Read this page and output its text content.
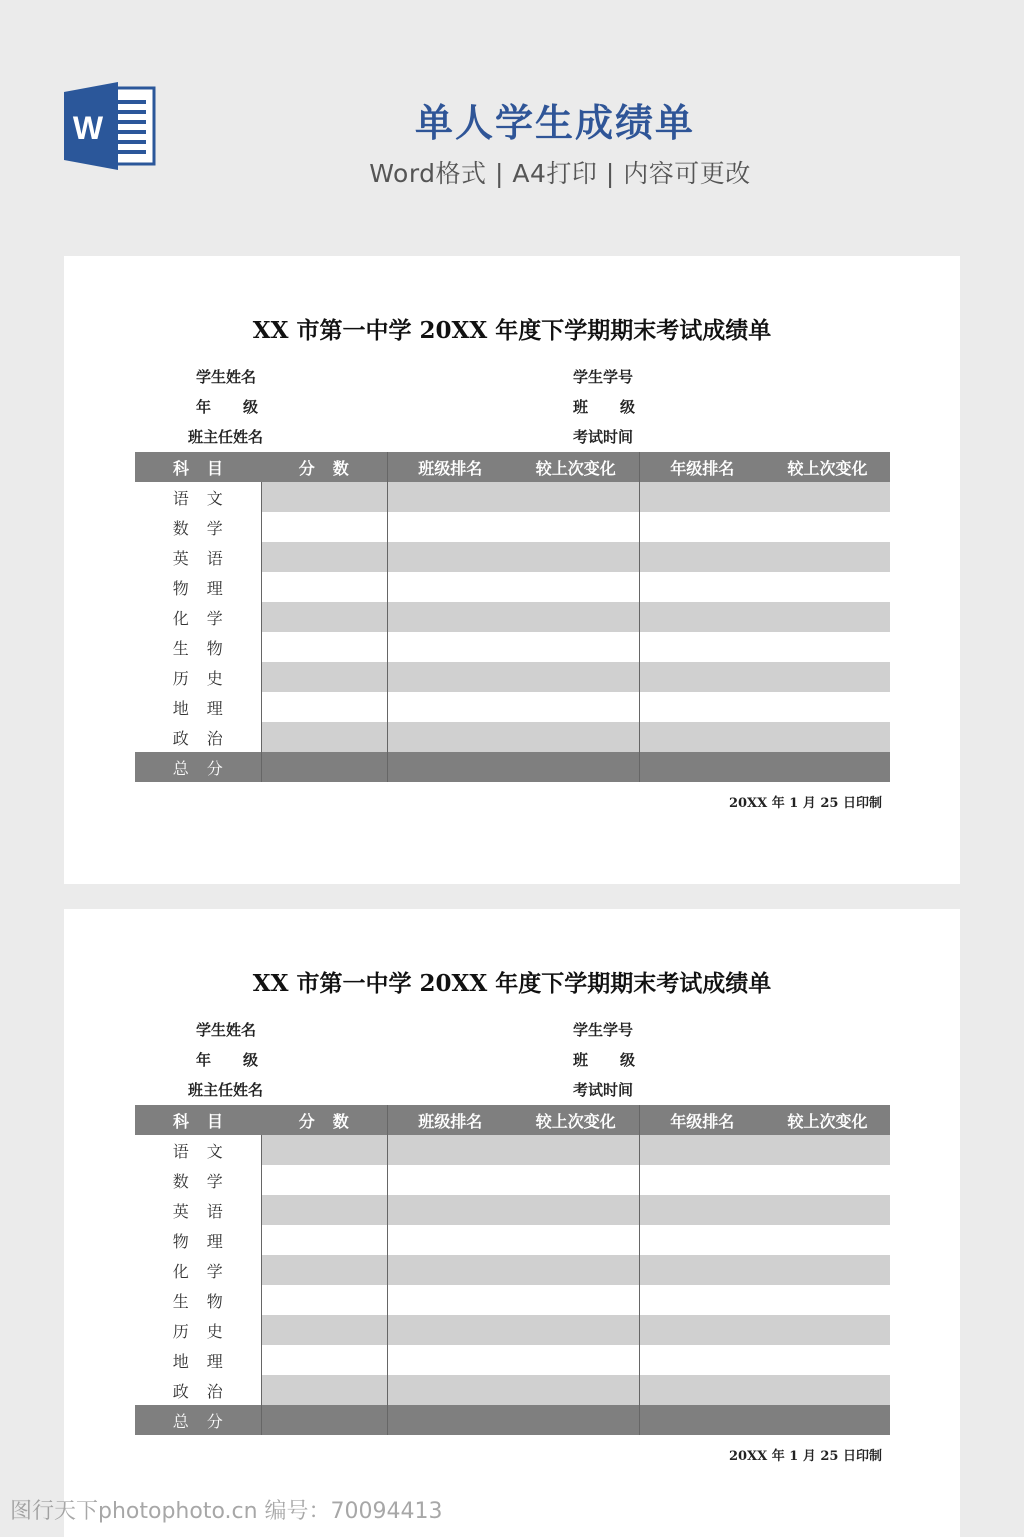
W	单人学生成绩单
Word格式 | A4打印 | 内容可更改
XX 市第一中学 20XX 年度下学期期末考试成绩单
学生姓名
年级
班主任姓名
学生学号
班级
考试时间
科目	分数	班级排名	较上次变化	年级排名	较上次变化
语文					
数学					
英语					
物理					
化学					
生物					
历史					
地理					
政治					
总分					
20XX 年 1 月 25 日印制
XX 市第一中学 20XX 年度下学期期末考试成绩单
学生姓名
年级
班主任姓名
学生学号
班级
考试时间
科目	分数	班级排名	较上次变化	年级排名	较上次变化
语文					
数学					
英语					
物理					
化学					
生物					
历史					
地理					
政治					
总分					
20XX 年 1 月 25 日印制
图行天下photophoto.cn 编号：70094413
